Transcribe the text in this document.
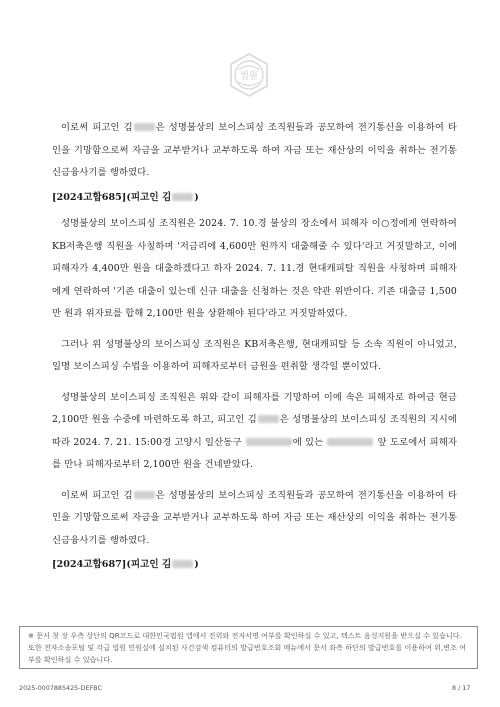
법원

이로써 피고인 김 은 성명불상의 보이스피싱 조직원들과 공모하여 전기통신을 이용하여 타인을 기망함으로써 자금을 교부받거나 교부하도록 하여 자금 또는 재산상의 이익을 취하는 전기통신금융사기를 행하였다.

[2024고합685](피고인 김 )

성명불상의 보이스피싱 조직원은 2024. 7. 10.경 불상의 장소에서 피해자 이○정에게 연락하여 KB저축은행 직원을 사칭하며 '저금리에 4,600만 원까지 대출해줄 수 있다'라고 거짓말하고, 이에 피해자가 4,400만 원을 대출하겠다고 하자 2024. 7. 11.경 현대캐피탈 직원을 사칭하며 피해자에게 연락하여 '기존 대출이 있는데 신규 대출을 신청하는 것은 약관 위반이다. 기존 대출금 1,500만 원과 위자료를 합해 2,100만 원을 상환해야 된다'라고 거짓말하였다.

그러나 위 성명불상의 보이스피싱 조직원은 KB저축은행, 현대캐피탈 등 소속 직원이 아니었고, 일명 보이스피싱 수법을 이용하여 피해자로부터 금원을 편취할 생각일 뿐이었다.

성명불상의 보이스피싱 조직원은 위와 같이 피해자를 기망하여 이에 속은 피해자로 하여금 현금 2,100만 원을 수중에 마련하도록 하고, 피고인 김 은 성명불상의 보이스피싱 조직원의 지시에 따라 2024. 7. 21. 15:00경 고양시 일산동구	에 있는	앞 도로에서 피해자를 만나 피해자로부터 2,100만 원을 건네받았다.

이로써 피고인 김 은 성명불상의 보이스피싱 조직원들과 공모하여 전기통신을 이용하여 타인을 기망함으로써 자금을 교부받거나 교부하도록 하여 자금 또는 재산상의 이익을 취하는 전기통신금융사기를 행하였다.

[2024고합687](피고인 김 )

※ 문서 첫 장 우측 상단의 QR코드로 대한민국법원 앱에서 진위와 전자서명 여부를 확인하실 수 있고, 텍스트 음성지원을 받으실 수 있습니다. 또한 전자소송포털 및 각급 법원 민원실에 설치된 사건검색 컴퓨터의 발급번호조회 메뉴에서 문서 좌측 하단의 발급번호를 이용하여 위,변조 여부를 확인하실 수 있습니다.
2025-0007885425-DEFBC	8 / 17
